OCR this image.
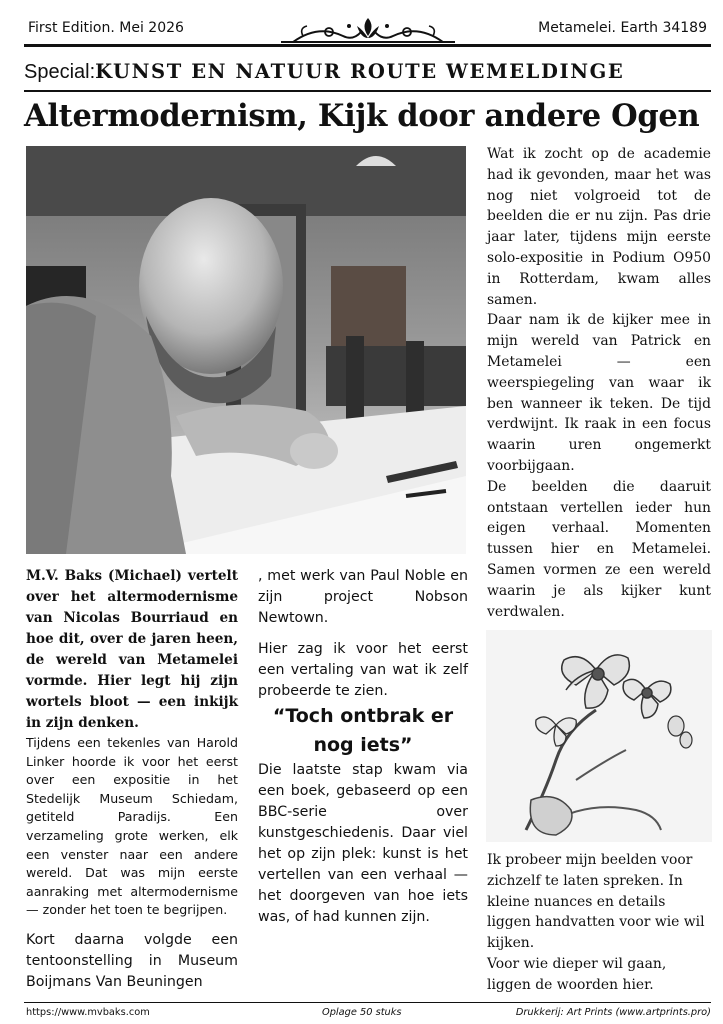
First Edition. Mei 2026	Metamelei. Earth 34189
Special:KUNST EN NATUUR ROUTE WEMELDINGE
Altermodernism, Kijk door andere Ogen

M.V. Baks (Michael) vertelt over het altermodernisme van Nicolas Bourriaud en hoe dit, over de jaren heen, de wereld van Metamelei vormde. Hier legt hij zijn wortels bloot — een inkijk in zijn denken.

Tijdens een tekenles van Harold Linker hoorde ik voor het eerst over een expositie in het Stedelijk Museum Schiedam, getiteld Paradijs. Een verzameling grote werken, elk een venster naar een andere wereld. Dat was mijn eerste aanraking met altermodernisme — zonder het toen te begrijpen.

Kort daarna volgde een tentoonstelling in Museum Boijmans Van Beuningen

, met werk van Paul Noble en zijn project Nobson Newtown.

Hier zag ik voor het eerst een vertaling van wat ik zelf probeerde te zien.

“Toch ontbrak er nog iets”

Die laatste stap kwam via een boek, gebaseerd op een BBC-serie over kunstgeschiedenis. Daar viel het op zijn plek: kunst is het vertellen van een verhaal — het doorgeven van hoe iets was, of had kunnen zijn.

Wat ik zocht op de academie had ik gevonden, maar het was nog niet volgroeid tot de beelden die er nu zijn. Pas drie jaar later, tijdens mijn eerste solo-expositie in Podium O950 in Rotterdam, kwam alles samen.

Daar nam ik de kijker mee in mijn wereld van Patrick en Metamelei — een weerspiegeling van waar ik ben wanneer ik teken. De tijd verdwijnt. Ik raak in een focus waarin uren ongemerkt voorbijgaan.

De beelden die daaruit ontstaan vertellen ieder hun eigen verhaal. Momenten tussen hier en Metamelei. Samen vormen ze een wereld waarin je als kijker kunt verdwalen.

Ik probeer mijn beelden voor zichzelf te laten spreken. In kleine nuances en details liggen handvatten voor wie wil kijken.

Voor wie dieper wil gaan, liggen de woorden hier.

https://www.mvbaks.com	Oplage 50 stuks	Drukkerij: Art Prints (www.artprints.pro)
